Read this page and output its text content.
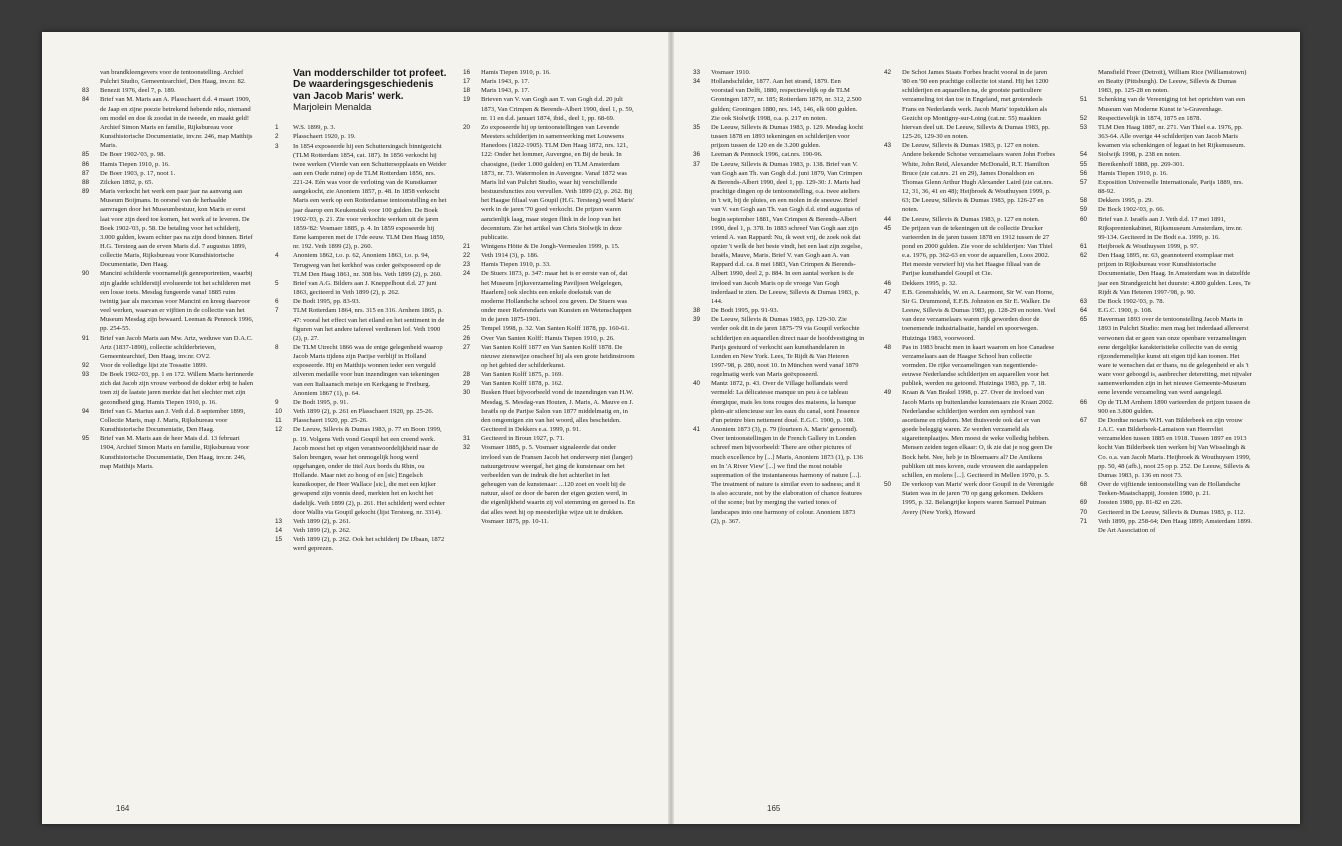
van brandkleengevers voor de tentoonstelling. Archief Pulchri Studio, Gemeentearchief, Den Haag, inv.nr. 82.

83	Benezit 1976, deel 7, p. 189.

84	Brief van M. Maris aan A. Plasschaert d.d. 4 maart 1909, de Jaap en zijne poezie betrekend hebende niks, niemand om model en doe ik zoodat in de tweede, en maakt geld! Archief Simon Maris en familie, Rijksbureau voor Kunsthistorische Documentatie, inv.nr. 246, map Matthijs Maris.

85	De Boer 1902-'03, p. 98.

86	Hamis Tiepen 1910, p. 16.

87	De Boer 1903, p. 17, noot 1.

88	Zilcken 1892, p. 65.

89	Maris verkocht het werk een paar jaar na aanvang aan Museum Boijmans. In oorsnel van de herhaalde aanvragen door het Museumbestuur, kon Maris er eerst laat voor zijn deed toe komen, het werk af te leveren. De Boek 1902-'03, p. 58. De betaling voor het schilderij, 3.000 gulden, kwam echter pas na zijn dood binnen. Brief H.G. Tersteeg aan de erven Maris d.d. 7 augustus 1899, collectie Maris, Rijksbureau voor Kunsthistorische Documentatie, Den Haag.

90	Mancini schilderde voornamelijk genreportretten, waarbij zijn gladde schilderstijl evolueerde tot het schilderen met een losse toets. Mesdag fungeerde vanaf 1885 ruim twintig jaar als mecenas voor Mancini en kreeg daarvoor veel werken, waarvan er vijftien in de collectie van het Museum Mesdag zijn bewaard. Leeman & Pennock 1996, pp. 254-55.

91	Brief van Jacob Maris aan Mw. Artz, weduwe van D.A.C. Artz (1837-1890), collectie schilderbrieven, Gemeentearchief, Den Haag, inv.nr. OV2.

92	Voor de volledige lijst zie Tossatie 1899.

93	De Boek 1902-'03, pp. 1 en 172. Willem Maris herinnerde zich dat Jacob zijn vrouw verbood de dokter erbij te halen toen zij de laatste jaren merkte dat het slechter met zijn gezondheid ging. Hamis Tiepen 1910, p. 16.

94	Brief van G. Marius aan J. Veth d.d. 8 september 1899, Collectie Maris, map J. Maris, Rijksbureau voor Kunsthistorische Documentatie, Den Haag.

95	Brief van M. Maris aan de heer Mais d.d. 13 februari 1904, Archief Simon Maris en familie, Rijksbureau voor Kunsthistorische Documentatie, Den Haag, inv.nr. 246, map Matthijs Maris.

Van modderschilder tot profeet. De waarderingsgeschiedenis van Jacob Maris' werk.

Marjolein Menalda

1	W.S. 1899, p. 3.

2	Plasschaert 1920, p. 19.

3	In 1854 exposeerde hij een Schuttersingsch binnigezicht (TLM Rotterdam 1854, cat. 187). In 1856 verkocht hij twee werken (Vierde van een Schuttersopplaats en Weider aan een Oude ruine) op de TLM Rotterdam 1856, nrs. 221-24. Eén was voor de verloting van de Kunstkamer aangekocht, zie Anoniem 1857, p. 48. In 1858 verkocht Maris een werk op een Rotterdamse tentoonstelling en het jaar daarop een Keukenstuk voor 100 gulden. De Boek 1902-'03, p. 21. Zie voor verkochte werken uit de jaren 1859-'82: Vosmaer 1885, p. 4. In 1859 exposeerde hij Eene kamperen met de 17de eeuw. TLM Den Haag 1859, nr. 192. Veth 1899 (2), p. 260.

4	Anoniem 1862, t.o. p. 62, Anoniem 1863, t.o. p. 94, Terugweg van het kerkhof was ceder geëxposeerd op de TLM Den Haag 1861, nr. 308 bis. Veth 1899 (2), p. 260.

5	Brief van A.G. Bilders aan J. Kneppelhout d.d. 27 juni 1863, geciteerd in Veth 1899 (2), p. 262.

6	De Bodt 1995, pp. 83-93.

7	TLM Rotterdam 1864, nrs. 315 en 316. Arnhem 1865, p. 47: vooral het effect van het eiland en het sentiment in de figuren van het andere tafereel verdienen lof. Veth 1900 (2), p. 27.

8	De TLM Utrecht 1866 was de enige gelegenheid waarop Jacob Maris tijdens zijn Parijse verblijf in Holland exposeerde. Hij en Matthijs wonnen ieder een verguld zilveren medaille voor hun inzendingen van tekeningen van een Italiaansch meisje en Kerkgang te Freiburg. Anoniem 1867 (1), p. 64.

9	De Bodt 1995, p. 91.

10	Veth 1899 (2), p. 261 en Plasschaert 1920, pp. 25-26.

11	Plasschaert 1920, pp. 25-26.

12	De Leeuw, Sillevis & Dumas 1983, p. 77 en Boon 1999, p. 19. Volgens Veth vond Goupil het een creend werk. Jacob moest het op eigen verantwoordelijkheid naar de Salon brengen, waar het onmogelijk hoog werd opgehangen, onder de titel Aux bords du Rhin, ou Hollande. Maar niet zo hoog of en [sic] Engelsch kunstkooper, de Heer Wallace [sic], die met een kijker gewapend zijn vonnis deed, merkten het en kocht het dadelijk. Veth 1899 (2), p. 261. Het schilderij werd echter door Wallis via Goupil gekocht (lijst Tersteeg, nr. 3314).

13	Veth 1899 (2), p. 261.

14	Veth 1899 (2), p. 262.

15	Veth 1899 (2), p. 262. Ook het schilderij De IJbaan, 1872 werd geprezen.

16	Hamis Tiepen 1910, p. 16.

17	Maris 1943, p. 17.

18	Maris 1943, p. 17.

19	Brieven van V. van Gogh aan T. van Gogh d.d. 20 juli 1873, Van Crimpen & Berends-Albert 1990, deel 1, p. 59, nr. 11 en d.d. januari 1874, ibid., deel 1, pp. 68-69.

20	Zo exposeerde hij op tentoonstellingen van Levende Meesters schilderijen in samenwerking met Louwsens Hanedoes (1822-1905). TLM Den Haag 1872, nrs. 121, 122: Onder het lommer, Auvergne, en Bij de beuk. In chaosigne, (ieder 1.000 gulden) en TLM Amsterdam 1873, nr. 73. Watermolen in Auvergne. Vanaf 1872 was Maris lid van Pulchri Studio, waar hij verschillende bestuursfuncties zou vervullen. Veth 1899 (2), p. 262. Bij het Haagse filiaal van Goupil (H.G. Tersteeg) werd Maris' werk in de jaren '70 goed verkocht. De prijzen waren aanzienlijk laag, maar stegen flink in de loop van het decennium. Zie het artikel van Chris Stolwijk in deze publicatie.

21	Wintgens Hötte & De Jongh-Vermeulen 1999, p. 15.

22	Veth 1914 (3), p. 186.

23	Hamis Tiepen 1910, p. 33.

24	De Stuers 1873, p. 347: maar het is er eerste van of, dat het Museum [rijksverzameling Paviljoen Welgelegen, Haarlem] ook slechts een enkele doekstuk van de moderne Hollandsche school zou geven. De Stuers was onder meer Referendaris van Kunsten en Wetenschappen in de jaren 1875-1901.

25	Tempel 1998, p. 32. Van Santen Kolff 1878, pp. 160-61.

26	Over Van Santen Kolff: Hamis Tiepen 1910, p. 26.

27	Van Santen Kolff 1877 en Van Santen Kolff 1878. De nieuwe zienswijze onscheef hij als een grote heidinstroom op het gebied der schilderkunst.

28	Van Santen Kolff 1875, p. 169.

29	Van Santen Kolff 1878, p. 162.

30	Busken Huet bijvoorbeeld vond de inzendingen van H.W. Mesdag, S. Mesdag-van Houten, J. Maris, A. Mauve en J. Israëls op de Parijse Salon van 1877 middelmatig en, in den omgomigen zin van het woord, alles bescheiden. Geciteerd in Dekkers e.a. 1999, p. 91.

31	Geciteerd in Broun 1927, p. 71.

32	Vosmaer 1885, p. 5. Vosmaer signaleerde dat onder invloed van de Fransen Jacob het onderwerp niet (langer) natuurgetrouw weergaf, het ging de kunstenaar om het verbeelden van de indruk die het achterliet in het geheugen van de kunstenaar: ...120 zoet en voelt hij de natuur, alsof ze door de baren der eigen gezien werd, in die eigenlijkheid waarin zij vol stemming en geroed is. En dat alles weet hij op meesterlijke wijze uit te drukken. Vosmaer 1875, pp. 10-11.

164

33	Vosmaer 1910.

34	Hollandschilder, 1877. Aan het strand, 1879. Een voorstad van Delft, 1880, respectievelijk op de TLM Groningen 1877, nr. 185; Rotterdam 1879, nr. 312, 2.500 gulden; Groningen 1880, nrs. 145, 146, elk 600 gulden. Zie ook Stolwijk 1998, o.a. p. 217 en noten.

35	De Leeuw, Sillevis & Dumas 1983, p. 129. Mesdag kocht tussen 1878 en 1893 tekeningen en schilderijen voor prijzen tussen de 120 en de 3.200 gulden.

36	Leeman & Pennock 1996, cat.nrs. 190-96.

37	De Leeuw, Sillevis & Dumas 1983, p. 138. Brief van V. van Gogh aan Th. van Gogh d.d. juni 1879, Van Crimpen & Berends-Albert 1990, deel 1, pp. 129-30: J. Maris had prachtige dingen op de tentoonstelling, o.a. twee ateliers in 't wit, bij de pluies, en een molen in de sneeuw. Brief van V. van Gogh aan Th. van Gogh d.d. eind augustus of begin september 1881, Van Crimpen & Berends-Albert 1990, deel 1, p. 378. In 1883 schreef Van Gogh aan zijn vriend A. van Rappard: Nu, ik weet vrij, de zoek ook dat opzier 't welk de het beste vindt, het een laat zijn zegelse, Israëls, Mauve, Maris. Brief V. van Gogh aan A. van Rappard d.d. ca. 8 mei 1883, Van Crimpen & Berends-Albert 1990, deel 2, p. 884. In een aantal werken is de invloed van Jacob Maris op de vroege Van Gogh inderdaad te zien. De Leeuw, Sillevis & Dumas 1983, p. 144.

38	De Bodt 1995, pp. 91-93.

39	De Leeuw, Sillevis & Dumas 1983, pp. 129-30. Zie verder ook dit in de jaren 1875-'79 via Goupil verkochte schilderijen en aquarellen direct naar de hoofdvestiging in Parijs gestuurd of verkocht aan kunsthandelaren in Londen en New York. Lees, Te Rijdt & Van Heteren 1997-'98, p. 280, noot 10. In München werd vanaf 1879 regelmatig werk van Maris geëxposeerd.

40	Mantz 1872, p. 43. Over de Village hollandais werd vermeld: La délicatesse manque un peu à ce tableau énergique, mais les tons rouges des maisons, la banque plein-air silencieuse sur les eaux du canal, sont l'essence d'un peintre bien nettement doué. E.G.C. 1900, p. 108.

41	Anoniem 1873 (3), p. 79 (fourteen A. Maris' genoemd). Over tentoonstellingen in de French Gallery in Londen schreef men bijvoorbeeld: There are other pictures of much excellence by [...] Maris, Anoniem 1873 (1), p. 136 en In 'A River View' [...] we find the most notable supremation of the instantaneous harmony of nature [...]. The treatment of nature is similar even to sadness; and it is also accurate, not by the elaboration of chance features of the scene; but by merging the varied tones of landscapes into one harmony of colour. Anoniem 1873 (2), p. 367.

42	De Schot James Staats Forbes bracht vooral in de jaren '80 en '90 een prachtige collectie tot stand. Hij het 1200 schilderijen en aquarellen na, de grootste particuliere verzameling tot dan toe in Engeland, met grotendeels Frans en Nederlands werk. Jacob Maris' topstukken als Gezicht op Montigny-sur-Loing (cat.nr. 55) maakten hiervan deel uit. De Leeuw, Sillevis & Dumas 1983, pp. 125-26, 129-30 en noten.

43	De Leeuw, Sillevis & Dumas 1983, p. 127 en noten. Andere bekende Schotse verzamelaars waren John Forbes White, John Reid, Alexander McDonald, R.T. Hamilton Bruce (zie cat.nrs. 21 en 29), James Donaldson en Thomas Glenn Arthur Hugh Alexander Laird (zie cat.nrs. 12, 31, 36, 41 en 48); Heijbroek & Wouthuysen 1999, p. 63; De Leeuw, Sillevis & Dumas 1983, pp. 126-27 en noten.

44	De Leeuw, Sillevis & Dumas 1983, p. 127 en noten.

45	De prijzen van de tekeningen uit de collectie Drucker varieerden in de jaren tussen 1878 en 1912 tussen de 27 pond en 2000 gulden. Zie voor de schilderijen: Van Thiel e.a. 1976, pp. 362-63 en voor de aquarellen, Loos 2002. Het meeste verwierf hij via het Haagse filiaal van de Parijse kunsthandel Goupil et Cie.

46	Dekkers 1995, p. 32.

47	E.B. Greenshields, W. en A. Learmont, Sir W. van Horne, Sir G. Drummond, E.F.B. Johnston en Sir E. Walker. De Leeuw, Sillevis & Dumas 1983, pp. 128-29 en noten. Veel van deze verzamelaars waren rijk geworden door de toenemende industrialisatie, handel en spoorwegen. Huizinga 1983, voorwoord.

48	Pas in 1983 bracht men in kaart waarom en hoe Canadese verzamelaars aan de Haagse School hun collectie vormden. De rijke verzamelingen van negentiende-eeuwse Nederlandse schilderijen en aquarellen voor het publiek, werden nu getoond. Huizinga 1983, pp. 7, 18.

49	Kraan & Van Brakel 1998, p. 27. Over de invloed van Jacob Maris op buitenlandse kunstenaars zie Kraan 2002. Nederlandse schilderijen werden een symbool van ascetisme en rijkdom. Met thuisverde ook dat er van goede beleggig waren. Ze werden verzameld als sigarettenplaatjes. Men moest de weke volledig hebben. Mensen zeiden tegen elkaar: O, ik zie dat je nog geen De Bock hebt. Nee, heb je in Bloemaers al? De Amikens publiken uit mes koven, oude vrouwen die aardappelen schillen, en molens [...]. Geciteerd in Mellen 1970, p. 5.

50	De verkoop van Maris' werk door Goupil in de Verenigde Staten was in de jaren '70 op gang gekomen. Dekkers 1995, p. 32. Belangrijke kopers waren Samuel Putman Avery (New York), Howard

Mansfield Freer (Detroit), William Rice (Williamstown) en Beatty (Pittsburgh). De Leeuw, Sillevis & Dumas 1983, pp. 125-28 en noten.

51	Schenking van de Vereeniging tot het oprichten van een Museum van Moderne Kunst te 's-Gravenhage.

52	Respectievelijk in 1874, 1875 en 1878.

53	TLM Den Haag 1887, nr. 271. Van Thiel e.a. 1976, pp. 363-64. Alle overige 44 schilderijen van Jacob Maris kwamen via schenkingen of legaat in het Rijksmuseum.

54	Stolwijk 1998, p. 238 en noten.

55	Bereikenhoff 1888, pp. 269-301.

56	Hamis Tiepen 1910, p. 16.

57	Exposition Universelle Internationale, Parijs 1889, nrs. 88-92.

58	Dekkers 1995, p. 29.

59	De Bock 1902-'03, p. 66.

60	Brief van J. Israëls aan J. Veth d.d. 17 mei 1891, Rijksprentenkabinet, Rijksmuseum Amsterdam, inv.nr. 99-134. Geciteerd in De Bodt e.a. 1999, p. 16.

61	Heijbroek & Wouthuysen 1999, p. 97.

62	Den Haag 1895, nr. 63, geannoteerd exemplaar met prijzen in Rijksbureau voor Kunsthistorische Documentatie, Den Haag. In Amsterdam was in datzelfde jaar een Strandgezicht het duurste: 4.800 gulden. Lees, Te Rijdt & Van Heteren 1997-'98, p. 90.

63	De Bock 1902-'03, p. 78.

64	E.G.C. 1900, p. 108.

65	Haverman 1893 over de tentoonstelling Jacob Maris in 1893 in Pulchri Studio: men mag het inderdaad allereerst verwonen dat er geen van onze openbare verzamelingen eene dergelijke karakteristieke collectie van de eenig rijzondernmelijke kunst uit eigen tijd kan toonen. Het ware te wenschen dat er thans, nu de gelegenheid er als 't ware voor geboogd is, aanbrecher deteretting, met nijvaler samenwerkenden zijn in het nieuwe Gemeente-Museum eene levende verzameling van werd aangelegd.

66	Op de TLM Arnhem 1890 varieerden de prijzen tussen de 900 en 3.800 gulden.

67	De Dordtse notaris W.H. van Bilderbeek en zijn vrouw J.A.C. van Bilderbeek-Lamaison van Heenvliet verzamelden tussen 1885 en 1918. Tussen 1897 en 1913 kocht Van Bilderbeek tien werken bij Van Wisselingh & Co. o.a. van Jacob Maris. Heijbroek & Wouthuysen 1999, pp. 50, 48 (afb.), noot 25 op p. 252. De Leeuw, Sillevis & Dumas 1983, p. 136 en noot 73.

68	Over de vijftiende tentoonstelling van de Hollandsche Teeken-Maatschappij, Joosten 1980, p. 21.

69	Joosten 1980, pp. 81-82 en 226.

70	Geciteerd in De Leeuw, Sillevis & Dumas 1983, p. 112.

71	Veth 1899, pp. 258-64; Den Haag 1899; Amsterdam 1899. De Art Association of

165
